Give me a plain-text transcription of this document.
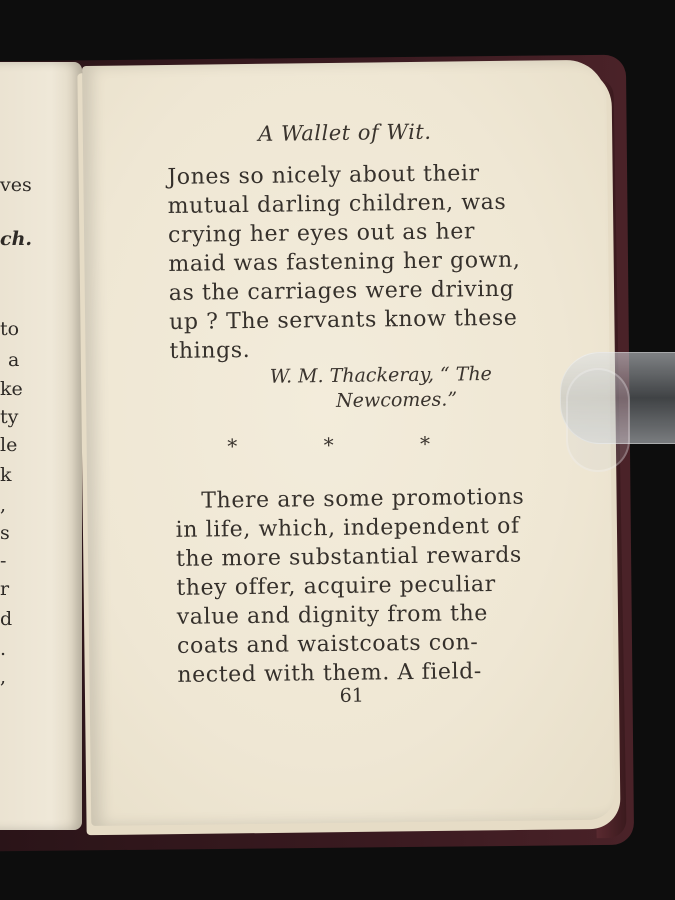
ves
ch.
to
a
ke
ty
le
k
,
s
-
r
d
.
,
A Wallet of Wit.
Jones so nicely about their
mutual darling children, was
crying her eyes out as her
maid was fastening her gown,
as the carriages were driving
up ? The servants know these
things.
W. M. Thackeray, “ The
Newcomes.”
* * *
There are some promotions
in life, which, independent of
the more substantial rewards
they offer, acquire peculiar
value and dignity from the
coats and waistcoats con-
nected with them. A field-
61
